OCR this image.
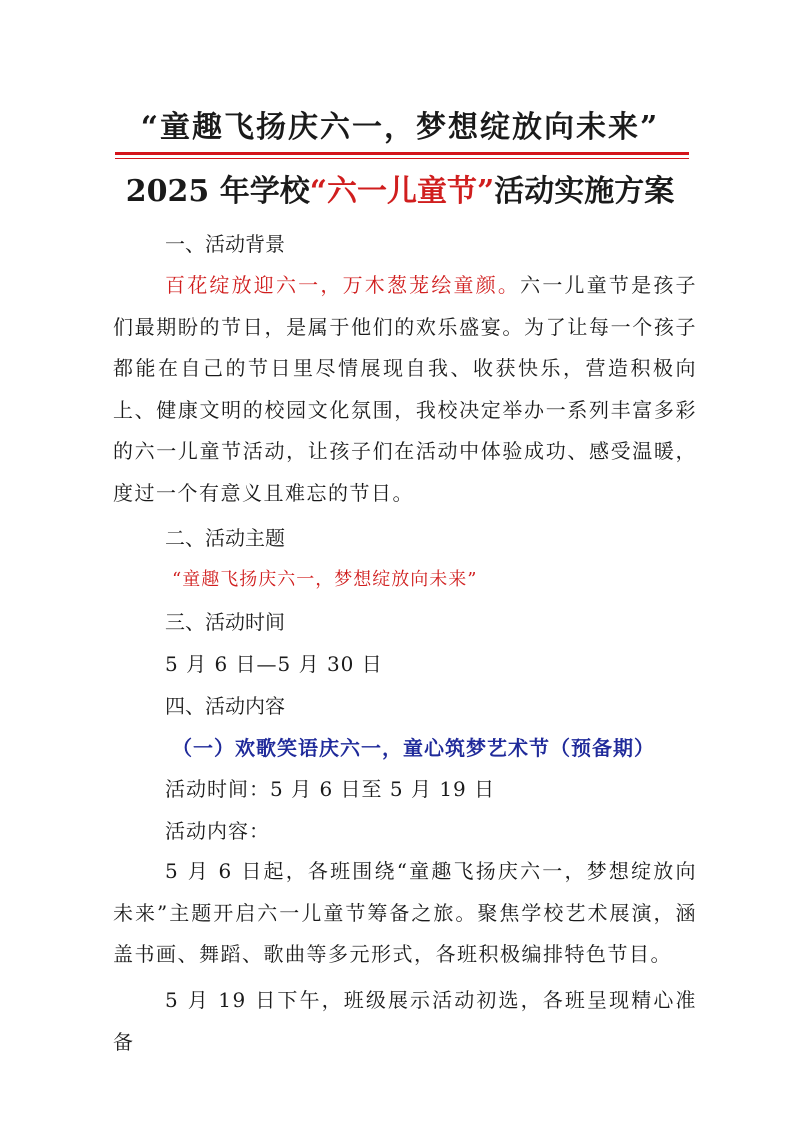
“童趣飞扬庆六一，梦想绽放向未来”
2025 年学校“六一儿童节”活动实施方案
一、活动背景
百花绽放迎六一，万木葱茏绘童颜。六一儿童节是孩子们最期盼的节日，是属于他们的欢乐盛宴。为了让每一个孩子都能在自己的节日里尽情展现自我、收获快乐，营造积极向上、健康文明的校园文化氛围，我校决定举办一系列丰富多彩的六一儿童节活动，让孩子们在活动中体验成功、感受温暖，度过一个有意义且难忘的节日。
二、活动主题
“童趣飞扬庆六一，梦想绽放向未来”
三、活动时间
5 月 6 日—5 月 30 日
四、活动内容
（一）欢歌笑语庆六一，童心筑梦艺术节（预备期）
活动时间：5 月 6 日至 5 月 19 日
活动内容：
5 月 6 日起，各班围绕“童趣飞扬庆六一，梦想绽放向未来”主题开启六一儿童节筹备之旅。聚焦学校艺术展演，涵盖书画、舞蹈、歌曲等多元形式，各班积极编排特色节目。
5 月 19 日下午，班级展示活动初选，各班呈现精心准备
